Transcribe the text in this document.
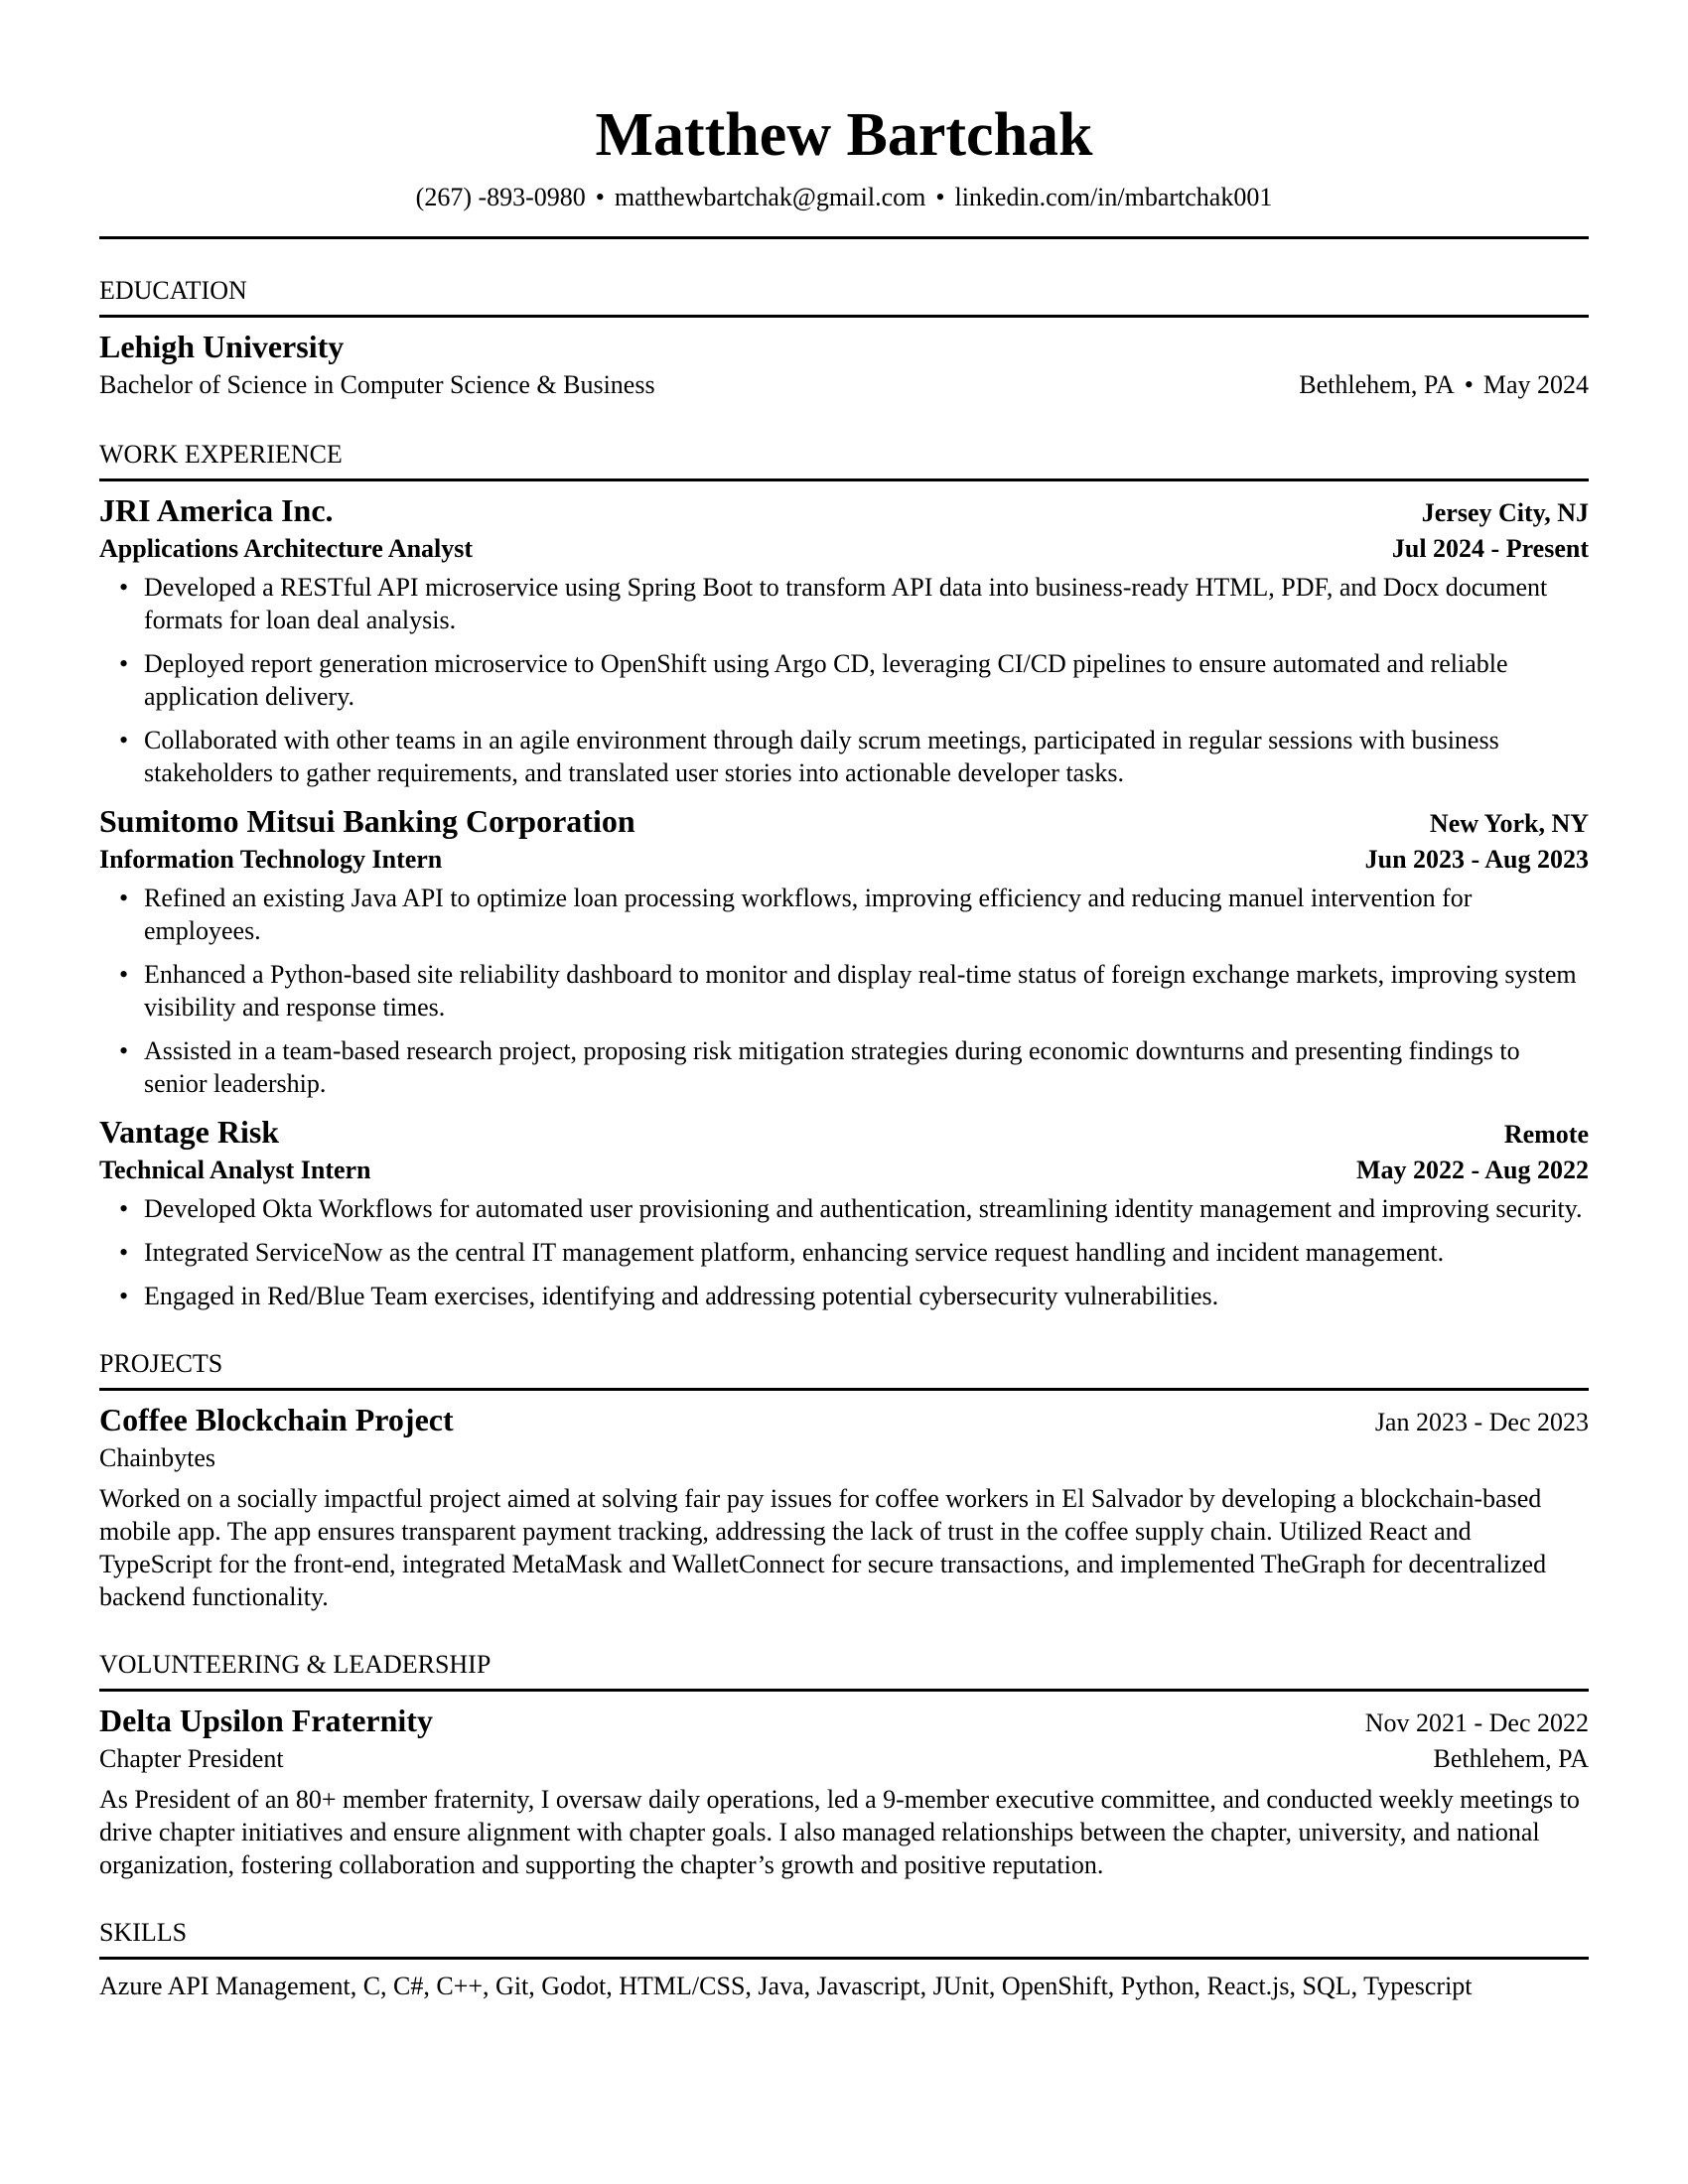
Matthew Bartchak
(267) -893-0980 • matthewbartchak@gmail.com • linkedin.com/in/mbartchak001
EDUCATION
Lehigh University
Bachelor of Science in Computer Science & Business	Bethlehem, PA • May 2024
WORK EXPERIENCE
JRI America Inc.	Jersey City, NJ
Applications Architecture Analyst	Jul 2024 - Present
• Developed a RESTful API microservice using Spring Boot to transform API data into business-ready HTML, PDF, and Docx document formats for loan deal analysis.
• Deployed report generation microservice to OpenShift using Argo CD, leveraging CI/CD pipelines to ensure automated and reliable application delivery.
• Collaborated with other teams in an agile environment through daily scrum meetings, participated in regular sessions with business stakeholders to gather requirements, and translated user stories into actionable developer tasks.
Sumitomo Mitsui Banking Corporation	New York, NY
Information Technology Intern	Jun 2023 - Aug 2023
• Refined an existing Java API to optimize loan processing workflows, improving efficiency and reducing manuel intervention for employees.
• Enhanced a Python-based site reliability dashboard to monitor and display real-time status of foreign exchange markets, improving system visibility and response times.
• Assisted in a team-based research project, proposing risk mitigation strategies during economic downturns and presenting findings to senior leadership.
Vantage Risk	Remote
Technical Analyst Intern	May 2022 - Aug 2022
• Developed Okta Workflows for automated user provisioning and authentication, streamlining identity management and improving security.
• Integrated ServiceNow as the central IT management platform, enhancing service request handling and incident management.
• Engaged in Red/Blue Team exercises, identifying and addressing potential cybersecurity vulnerabilities.
PROJECTS
Coffee Blockchain Project	Jan 2023 - Dec 2023
Chainbytes
Worked on a socially impactful project aimed at solving fair pay issues for coffee workers in El Salvador by developing a blockchain-based mobile app. The app ensures transparent payment tracking, addressing the lack of trust in the coffee supply chain. Utilized React and TypeScript for the front-end, integrated MetaMask and WalletConnect for secure transactions, and implemented TheGraph for decentralized backend functionality.
VOLUNTEERING & LEADERSHIP
Delta Upsilon Fraternity	Nov 2021 - Dec 2022
Chapter President	Bethlehem, PA
As President of an 80+ member fraternity, I oversaw daily operations, led a 9-member executive committee, and conducted weekly meetings to drive chapter initiatives and ensure alignment with chapter goals. I also managed relationships between the chapter, university, and national organization, fostering collaboration and supporting the chapter’s growth and positive reputation.
SKILLS
Azure API Management, C, C#, C++, Git, Godot, HTML/CSS, Java, Javascript, JUnit, OpenShift, Python, React.js, SQL, Typescript
